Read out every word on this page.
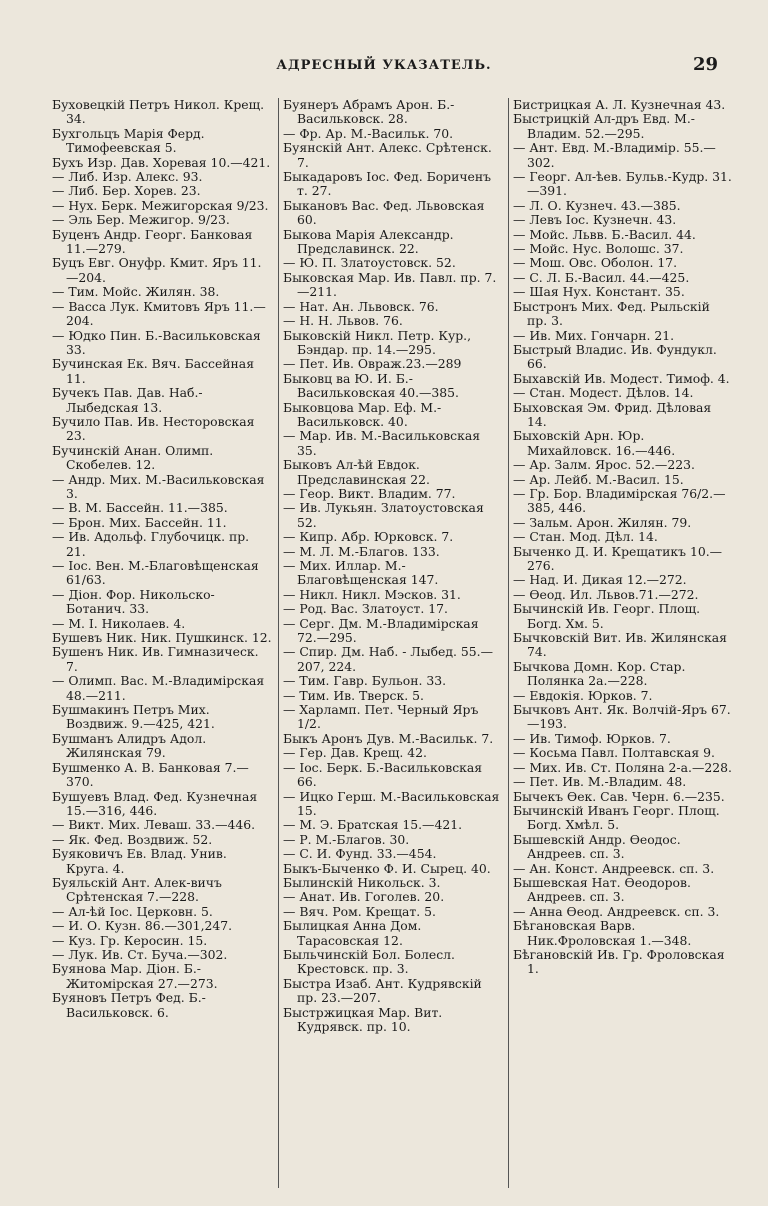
АДРЕСНЫЙ УКАЗАТЕЛЬ.	29

Буховецкій Петръ Никол. Крещ. 34.

Бухгольцъ Марія Ферд. Тимофеевская 5.

Бухъ Изр. Дав. Хоревая 10.—421.

— Либ. Изр. Алекс. 93.

— Либ. Бер. Хорев. 23.

— Нух. Берк. Межигорская 9/23.

— Эль Бер. Межигор. 9/23.

Буценъ Андр. Георг. Банковая 11.—279.

Буцъ Евг. Онуфр. Кмит. Яръ 11.—204.

— Тим. Мойс. Жилян. 38.

— Васса Лук. Кмитовъ Яръ 11.—204.

— Юдко Пин. Б.-Васильковская 33.

Бучинская Ек. Вяч. Бассейная 11.

Бучекъ Пав. Дав. Наб.-Лыбедская 13.

Бучило Пав. Ив. Несторовская 23.

Бучинскій Анан. Олимп. Скобелев. 12.

— Андр. Мих. М.-Васильковская 3.

— В. М. Бассейн. 11.—385.

— Брон. Мих. Бассейн. 11.

— Ив. Адольф. Глубочицк. пр. 21.

— Іос. Вен. М.-Благовѣщенская 61/63.

— Діон. Фор. Никольско-Ботанич. 33.

— М. І. Николаев. 4.

Бушевъ Ник. Ник. Пушкинск. 12.

Бушенъ Ник. Ив. Гимназическ. 7.

— Олимп. Вас. М.-Владимірская 48.—211.

Бушмакинъ Петръ Мих. Воздвиж. 9.—425, 421.

Бушманъ Алидръ Адол. Жилянская 79.

Бушменко А. В. Банковая 7.—370.

Бушуевъ Влад. Фед. Кузнечная 15.—316, 446.

— Викт. Мих. Леваш. 33.—446.

— Як. Фед. Воздвиж. 52.

Буяковичъ Ев. Влад. Унив. Круга. 4.

Буяльскій Ант. Алек-вичъ Срѣтенская 7.—228.

— Ал-ѣй Іос. Церковн. 5.

— И. О. Кузн. 86.—301,247.

— Куз. Гр. Керосин. 15.

— Лук. Ив. Ст. Буча.—302.

Буянова Мар. Діон. Б.-Житомірская 27.—273.

Буяновъ Петръ Фед. Б.-Васильковск. 6.

Буянеръ Абрамъ Арон. Б.-Васильковск. 28.

— Фр. Ар. М.-Васильк. 70.

Буянскій Ант. Алекс. Срѣтенск. 7.

Быкадаровъ Іос. Фед. Бориченъ т. 27.

Быкановъ Вас. Фед. Львовская 60.

Быкова Марія Александр. Предславинск. 22.

— Ю. П. Златоустовск. 52.

Быковская Мар. Ив. Павл. пр. 7.—211.

— Нат. Ан. Львовск. 76.

— Н. Н. Львов. 76.

Быковскій Никл. Петр. Кур., Бэндар. пр. 14.—295.

— Пет. Ив. Овраж.23.—289

Быковц ва Ю. И. Б.-Васильковская 40.—385.

Быковцова Мар. Еф. М.-Васильковск. 40.

— Мар. Ив. М.-Васильковская 35.

Быковъ Ал-ѣй Евдок. Предславинская 22.

— Геор. Викт. Владим. 77.

— Ив. Лукьян. Златоустовская 52.

— Кипр. Абр. Юрковск. 7.

— М. Л. М.-Благов. 133.

— Мих. Иллар. М.-Благовѣщенская 147.

— Никл. Никл. Мэсков. 31.

— Род. Вас. Златоуст. 17.

— Серг. Дм. М.-Владимірская 72.—295.

— Спир. Дм. Наб. - Лыбед. 55.—207, 224.

— Тим. Гавр. Бульон. 33.

— Тим. Ив. Тверск. 5.

— Харламп. Пет. Черный Яръ 1/2.

Быкъ Аронъ Дув. М.-Васильк. 7.

— Гер. Дав. Крещ. 42.

— Іос. Берк. Б.-Васильковская 66.

— Ицко Герш. М.-Васильковская 15.

— М. Э. Братская 15.—421.

— Р. М.-Благов. 30.

— С. И. Фунд. 33.—454.

Быкъ-Быченко Ф. И. Сырец. 40.

Былинскій Никольск. 3.

— Анат. Ив. Гоголев. 20.

— Вяч. Ром. Крещат. 5.

Былицкая Анна Дом. Тарасовская 12.

Быльчинскій Бол. Болесл. Крестовск. пр. 3.

Быстра Изаб. Ант. Кудрявскій пр. 23.—207.

Быстржицкая Мар. Вит. Кудрявск. пр. 10.

Бистрицкая А. Л. Кузнечная 43.

Быстрицкій Ал-дръ Евд. М.-Владим. 52.—295.

— Ант. Евд. М.-Владимір. 55.—302.

— Георг. Ал-ѣев. Бульв.-Кудр. 31.—391.

— Л. О. Кузнеч. 43.—385.

— Левъ Іос. Кузнечн. 43.

— Мойс. Львв. Б.-Васил. 44.

— Мойс. Нус. Волошс. 37.

— Мош. Овс. Оболон. 17.

— С. Л. Б.-Васил. 44.—425.

— Шая Нух. Констант. 35.

Быстронъ Мих. Фед. Рыльскій пр. 3.

— Ив. Мих. Гончарн. 21.

Быстрый Владис. Ив. Фундукл. 66.

Быхавскій Ив. Модест. Тимоф. 4.

— Стан. Модест. Дѣлов. 14.

Быховская Эм. Фрид. Дѣловая 14.

Быховскій Арн. Юр. Михайловск. 16.—446.

— Ар. Залм. Ярос. 52.—223.

— Ар. Лейб. М.-Васил. 15.

— Гр. Бор. Владимірская 76/2.—385, 446.

— Зальм. Арон. Жилян. 79.

— Стан. Мод. Дѣл. 14.

Быченко Д. И. Крещатикъ 10.—276.

— Над. И. Дикая 12.—272.

— Өеод. Ил. Львов.71.—272.

Бычинскій Ив. Георг. Площ. Богд. Хм. 5.

Бычковскій Вит. Ив. Жилянская 74.

Бычкова Домн. Кор. Стар. Полянка 2а.—228.

— Евдокія. Юрков. 7.

Бычковъ Ант. Як. Волчій-Яръ 67.—193.

— Ив. Тимоф. Юрков. 7.

— Косьма Павл. Полтавская 9.

— Мих. Ив. Ст. Поляна 2-а.—228.

— Пет. Ив. М.-Владим. 48.

Бычекъ Өек. Сав. Черн. 6.—235.

Бычинскій Иванъ Георг. Площ. Богд. Хмѣл. 5.

Бышевскій Андр. Өеодос. Андреев. сп. 3.

— Ан. Конст. Андреевск. сп. 3.

Бышевская Нат. Өеодоров. Андреев. сп. 3.

— Анна Өеод. Андреевск. сп. 3.

Бѣгановская Варв. Ник.Фроловская 1.—348.

Бѣгановскій Ив. Гр. Фроловская 1.
